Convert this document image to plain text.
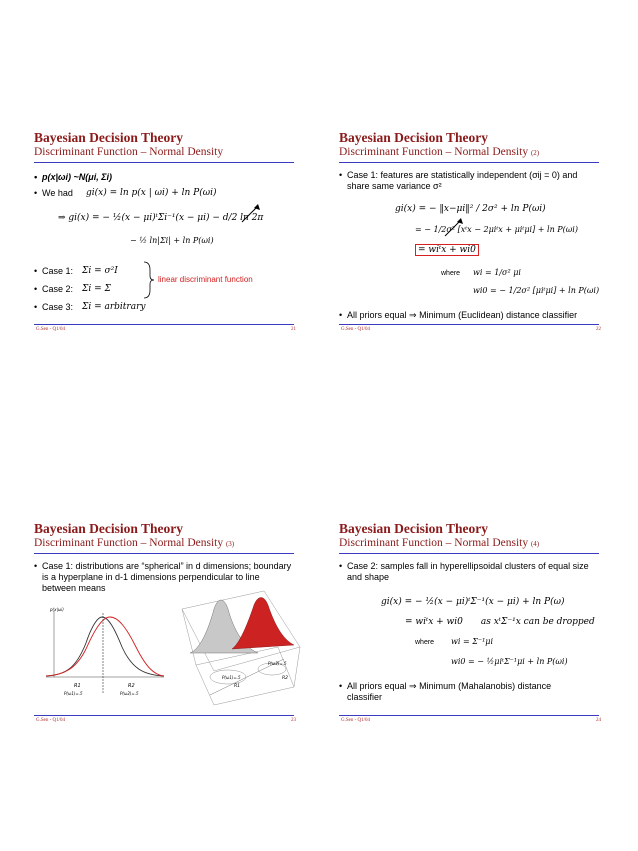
Bayesian Decision Theory
Discriminant Function – Normal Density
• p(x|ωi) ~N(μi, Σi)
• We had gi(x) = ln p(x | ωi) + ln P(ωi)
⇒ gi(x) = − ½(x − μi)ᵗΣi⁻¹(x − μi) − d/2 ln 2π
− ½ ln|Σi| + ln P(ωi)
• Case 1: Σi = σ²I
• Case 2: Σi = Σ
• Case 3: Σi = arbitrary
linear discriminant function
G.Sen - Q1/04	21
Bayesian Decision Theory
Discriminant Function – Normal Density (2)
• Case 1: features are statistically independent (σij = 0) and share same variance σ²
gi(x) = − ‖x−μi‖² / 2σ² + ln P(ωi)
= − 1/2σ² [xᵗx − 2μiᵗx + μiᵗμi] + ln P(ωi)
= wiᵗx + wi0
where wi = 1/σ² μi
wi0 = − 1/2σ² [μiᵗμi] + ln P(ωi)
• All priors equal ⇒ Minimum (Euclidean) distance classifier
G.Sen - Q1/04	22
Bayesian Decision Theory
Discriminant Function – Normal Density (3)
• Case 1: distributions are “spherical” in d dimensions; boundary is a hyperplane in d-1 dimensions perpendicular to line between means
p(x|ωi)
R1	R2
P(ω1)=.5	P(ω2)=.5
P(ω1)=.5
P(ω2)=.5
R1
R2
G.Sen - Q1/04	23
Bayesian Decision Theory
Discriminant Function – Normal Density (4)
• Case 2: samples fall in hyperellipsoidal clusters of equal size and shape
gi(x) = − ½(x − μi)ᵗΣ⁻¹(x − μi) + ln P(ω)
= wiᵗx + wi0 as xᵗΣ⁻¹x can be dropped
where wi = Σ⁻¹μi
wi0 = − ½μiᵗΣ⁻¹μi + ln P(ωi)
• All priors equal ⇒ Minimum (Mahalanobis) distance classifier
G.Sen - Q1/04	24
